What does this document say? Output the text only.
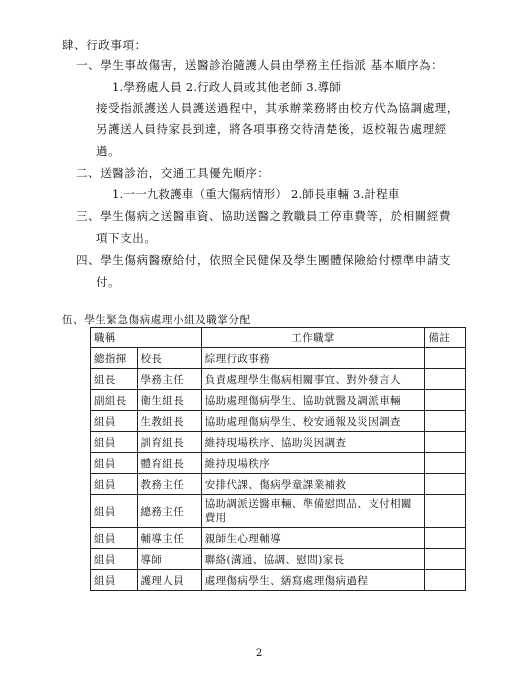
肆、行政事項：
一、學生事故傷害，送醫診治隨護人員由學務主任指派 基本順序為：
1.學務處人員 2.行政人員或其他老師 3.導師
接受指派護送人員護送過程中，其承辦業務將由校方代為協調處理，
另護送人員待家長到達，將各項事務交待清楚後，返校報告處理經
過。
二、送醫診治，交通工具優先順序：
1.一一九救護車（重大傷病情形） 2.師長車輛 3.計程車
三、學生傷病之送醫車資、協助送醫之教職員工停車費等，於相關經費
項下支出。
四、學生傷病醫療給付，依照全民健保及學生團體保險給付標準申請支
付。
伍、學生緊急傷病處理小組及職掌分配
職稱		工作職掌	備註
總指揮	校長	綜理行政事務	
組長	學務主任	負責處理學生傷病相關事宜、對外發言人	
副組長	衛生組長	協助處理傷病學生、協助就醫及調派車輛	
組員	生教組長	協助處理傷病學生、校安通報及災因調查	
組員	訓育組長	維持現場秩序、協助災因調查	
組員	體育組長	維持現場秩序	
組員	教務主任	安排代課、傷病學童課業補救	
組員	總務主任	協助調派送醫車輛、準備慰問品、支付相關費用	
組員	輔導主任	親師生心理輔導	
組員	導師	聯絡(溝通、協調、慰問)家長	
組員	護理人員	處理傷病學生、繕寫處理傷病過程	
2
